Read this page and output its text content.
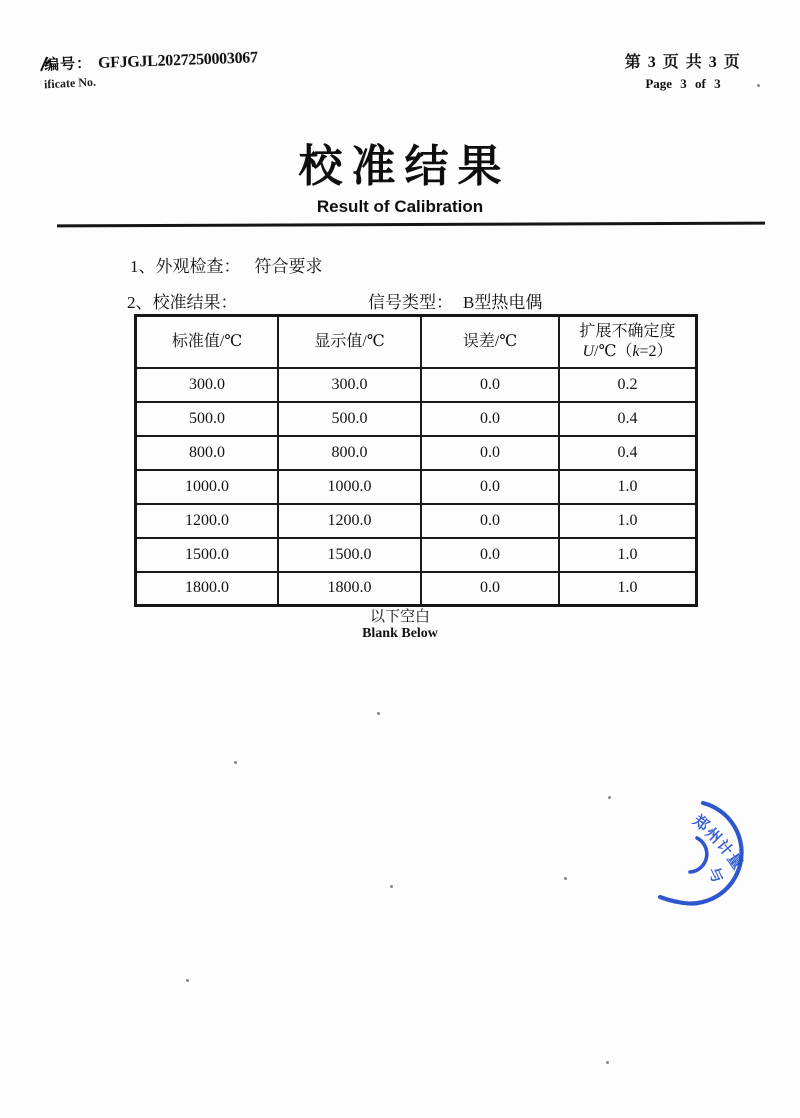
编号： GFJGJL2027250003067
ificate No.
第 3 页 共 3 页
Page 3 of 3
校准结果
Result of Calibration
1、外观检查： 符合要求
2、校准结果：	信号类型： B型热电偶
标准值/℃	显示值/℃	误差/℃	扩展不确定度
U/℃（k=2）
300.0	300.0	0.0	0.2
500.0	500.0	0.0	0.4
800.0	800.0	0.0	0.4
1000.0	1000.0	0.0	1.0
1200.0	1200.0	0.0	1.0
1500.0	1500.0	0.0	1.0
1800.0	1800.0	0.0	1.0
以下空白
Blank Below
郑
州
计
量
与
